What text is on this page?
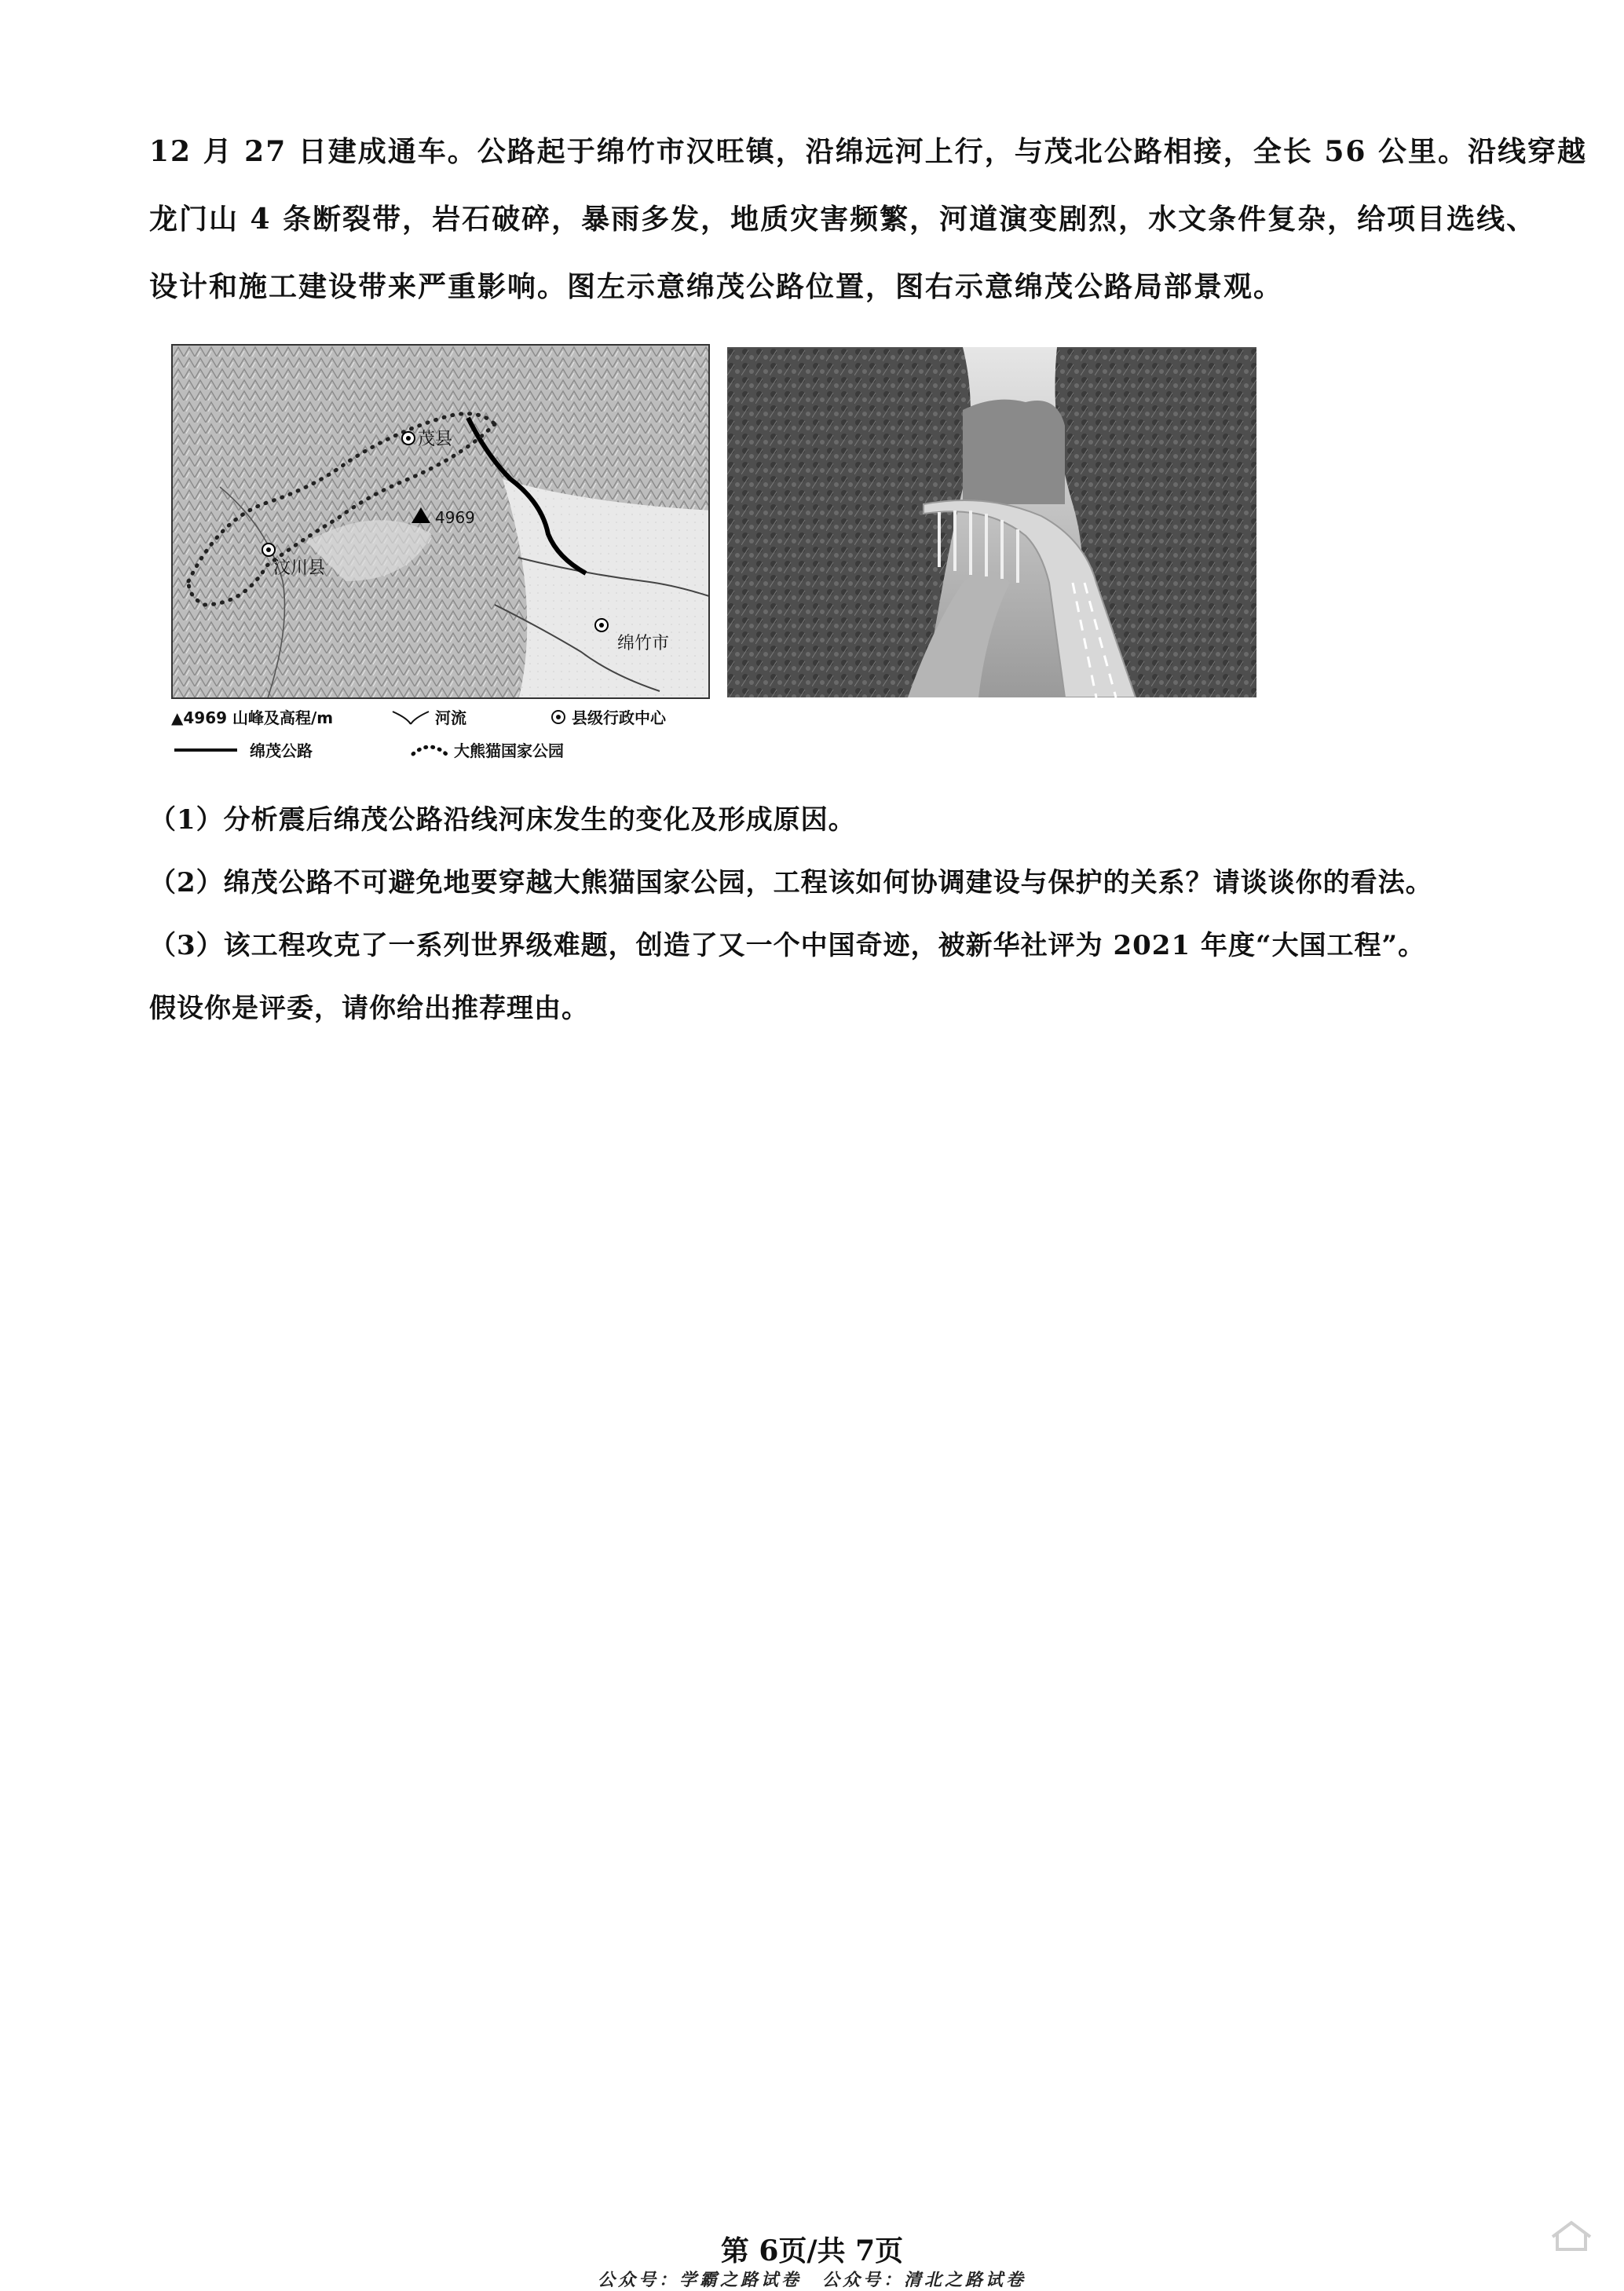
12 月 27 日建成通车。公路起于绵竹市汉旺镇，沿绵远河上行，与茂北公路相接，全长 56 公里。沿线穿越
龙门山 4 条断裂带，岩石破碎，暴雨多发，地质灾害频繁，河道演变剧烈，水文条件复杂，给项目选线、
设计和施工建设带来严重影响。图左示意绵茂公路位置，图右示意绵茂公路局部景观。
茂县
汶川县
绵竹市
4969
▲4969 山峰及高程/m	河流	县级行政中心
绵茂公路	大熊猫国家公园
（1）分析震后绵茂公路沿线河床发生的变化及形成原因。
（2）绵茂公路不可避免地要穿越大熊猫国家公园，工程该如何协调建设与保护的关系？请谈谈你的看法。
（3）该工程攻克了一系列世界级难题，创造了又一个中国奇迹，被新华社评为 2021 年度“大国工程”。
假设你是评委，请你给出推荐理由。
第 6页/共 7页
公众号：学霸之路试卷　公众号：清北之路试卷
